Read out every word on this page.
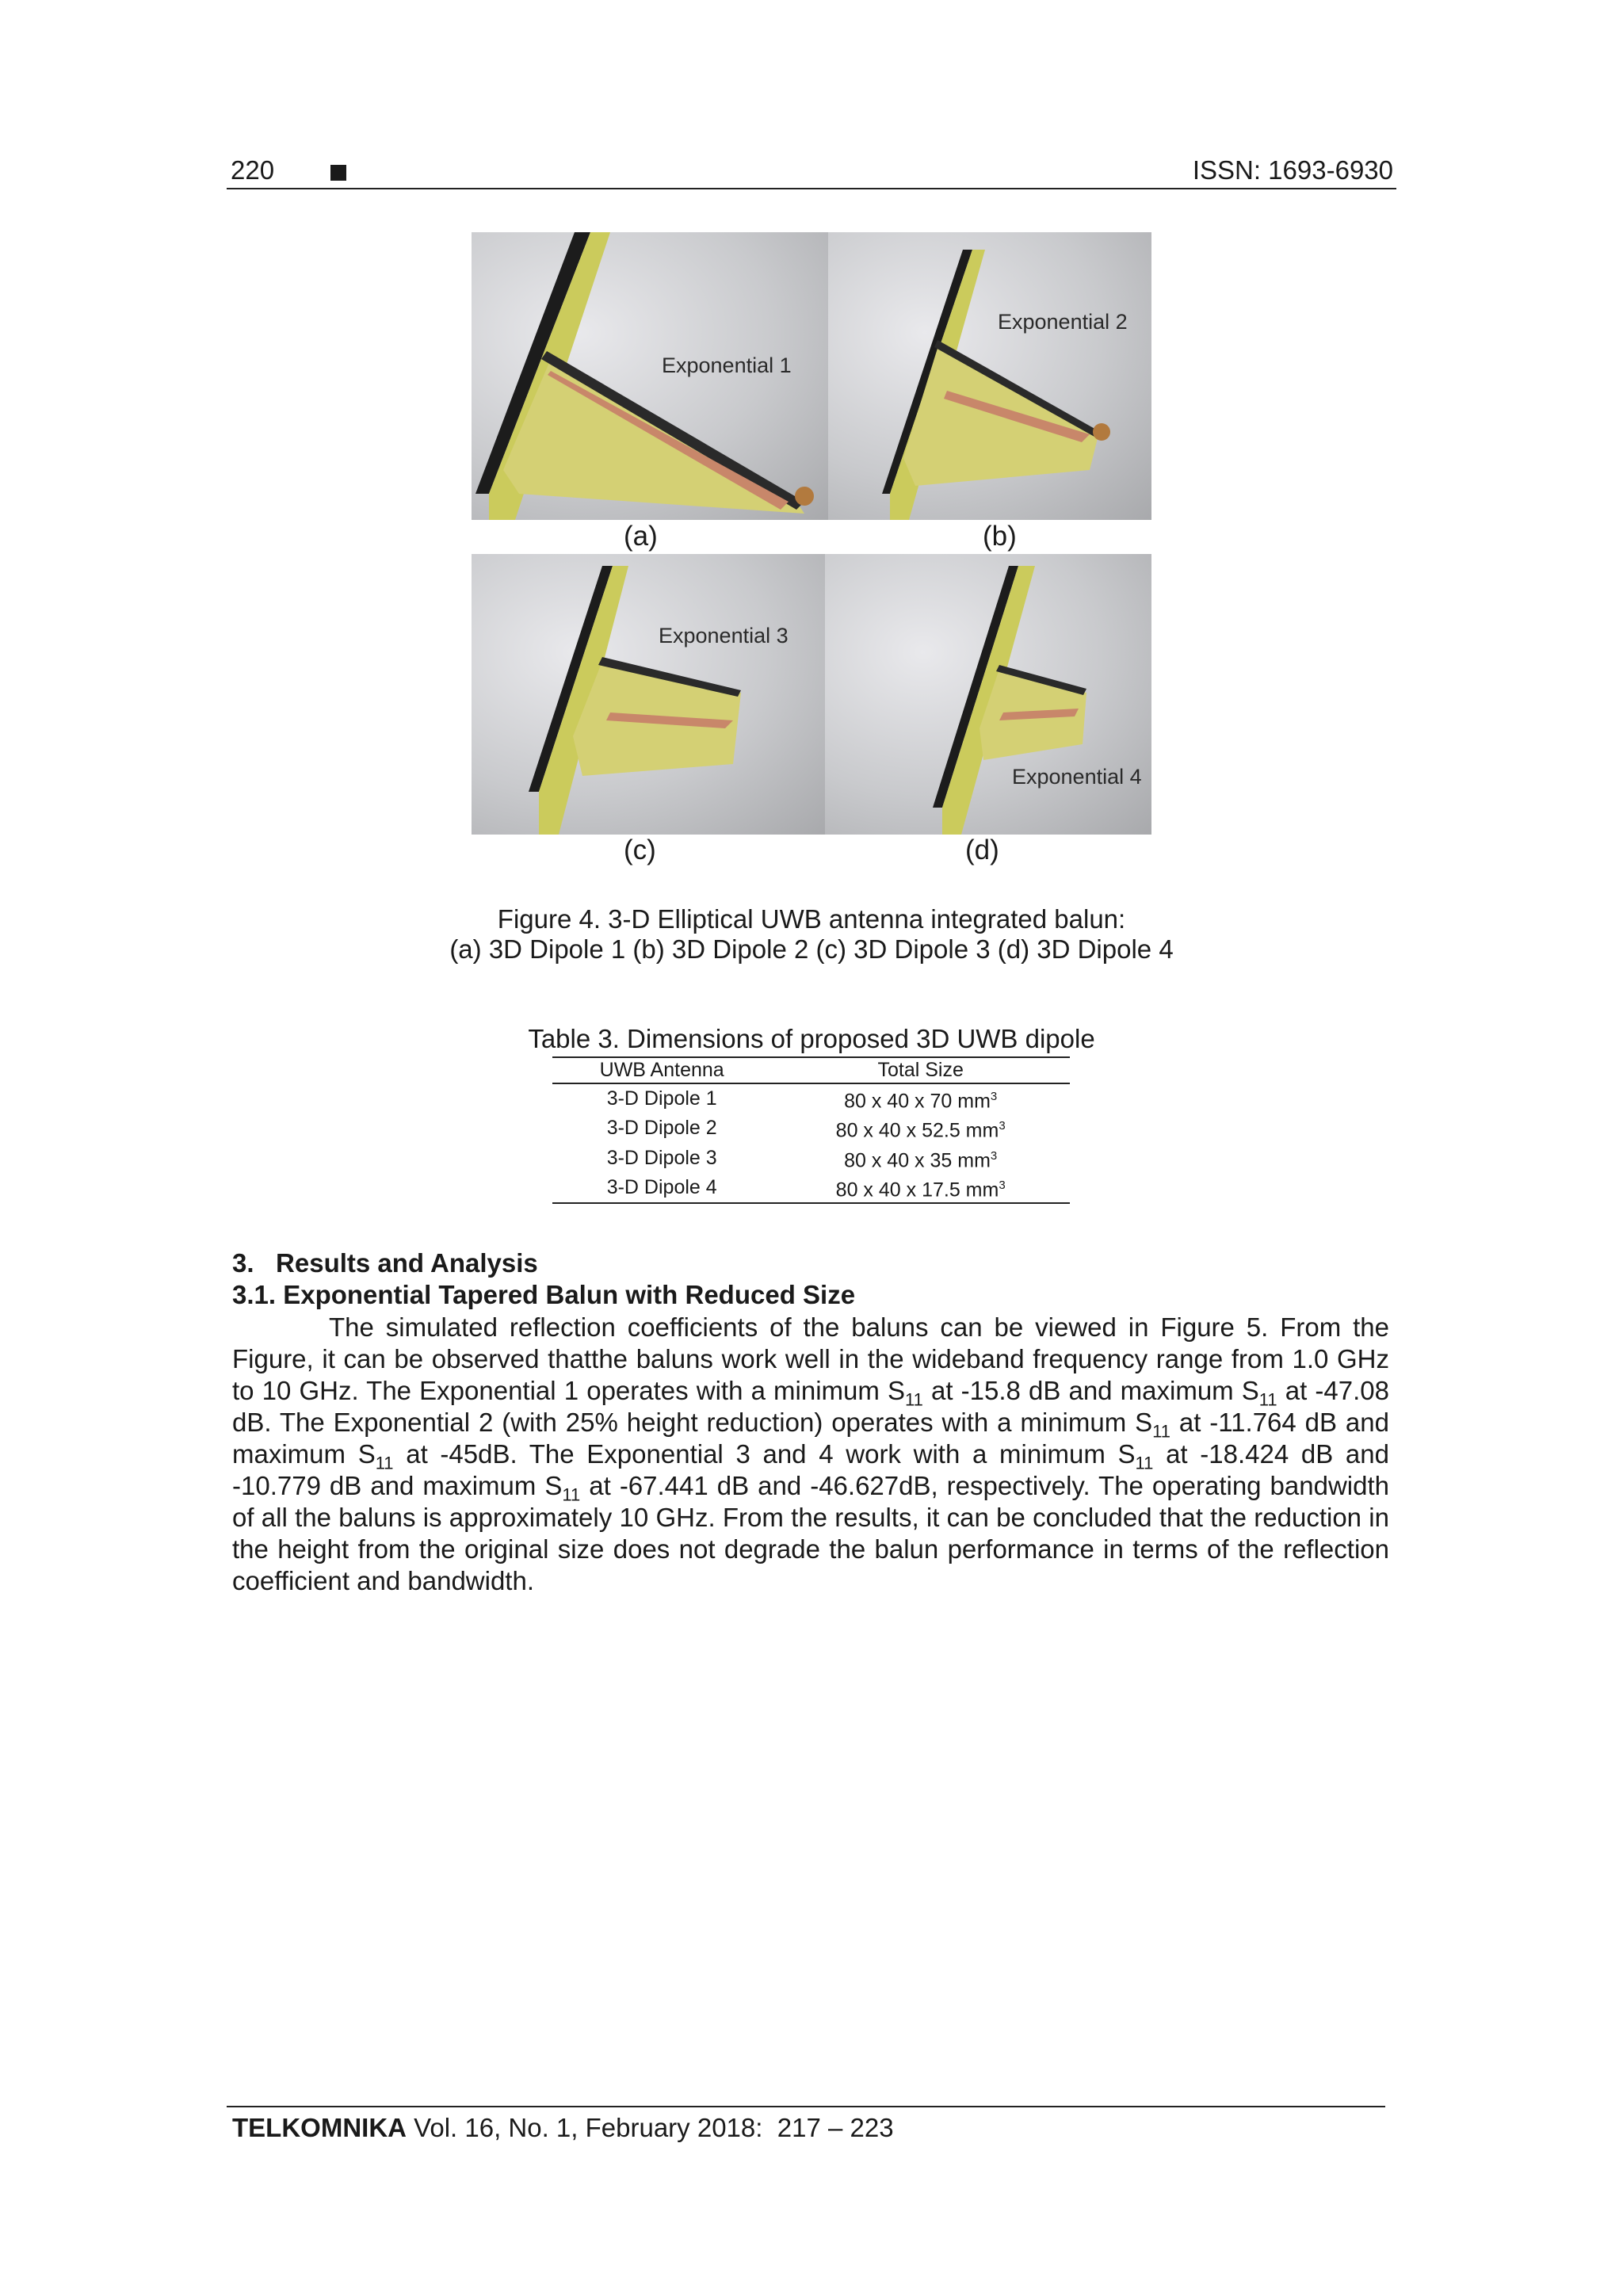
220	ISSN: 1693-6930
Exponential 1
Exponential 2
Exponential 3
Exponential 4
(a)	(b)
(c)	(d)
Figure 4. 3-D Elliptical UWB antenna integrated balun:
(a) 3D Dipole 1 (b) 3D Dipole 2 (c) 3D Dipole 3 (d) 3D Dipole 4
Table 3. Dimensions of proposed 3D UWB dipole
UWB Antenna	Total Size
3-D Dipole 1	80 x 40 x 70 $mm^3$
3-D Dipole 2	80 x 40 x 52.5 $mm^3$
3-D Dipole 3	80 x 40 x 35 $mm^3$
3-D Dipole 4	80 x 40 x 17.5 $mm^3$
3.   Results and Analysis
3.1. Exponential Tapered Balun with Reduced Size
The simulated reflection coefficients of the baluns can be viewed in Figure 5. From the Figure, it can be observed thatthe baluns work well in the wideband frequency range from 1.0 GHz to 10 GHz. The Exponential 1 operates with a minimum $S_{11}$ at -15.8 dB and maximum $S_{11}$ at -47.08 dB. The Exponential 2 (with 25% height reduction) operates with a minimum $S_{11}$ at -11.764 dB and maximum $S_{11}$ at -45dB. The Exponential 3 and 4 work with a minimum $S_{11}$ at -18.424 dB and -10.779 dB and maximum $S_{11}$ at -67.441 dB and -46.627dB, respectively. The operating bandwidth of all the baluns is approximately 10 GHz. From the results, it can be concluded that the reduction in the height from the original size does not degrade the balun performance in terms of the reflection coefficient and bandwidth.
TELKOMNIKA Vol. 16, No. 1, February 2018:  217 – 223
